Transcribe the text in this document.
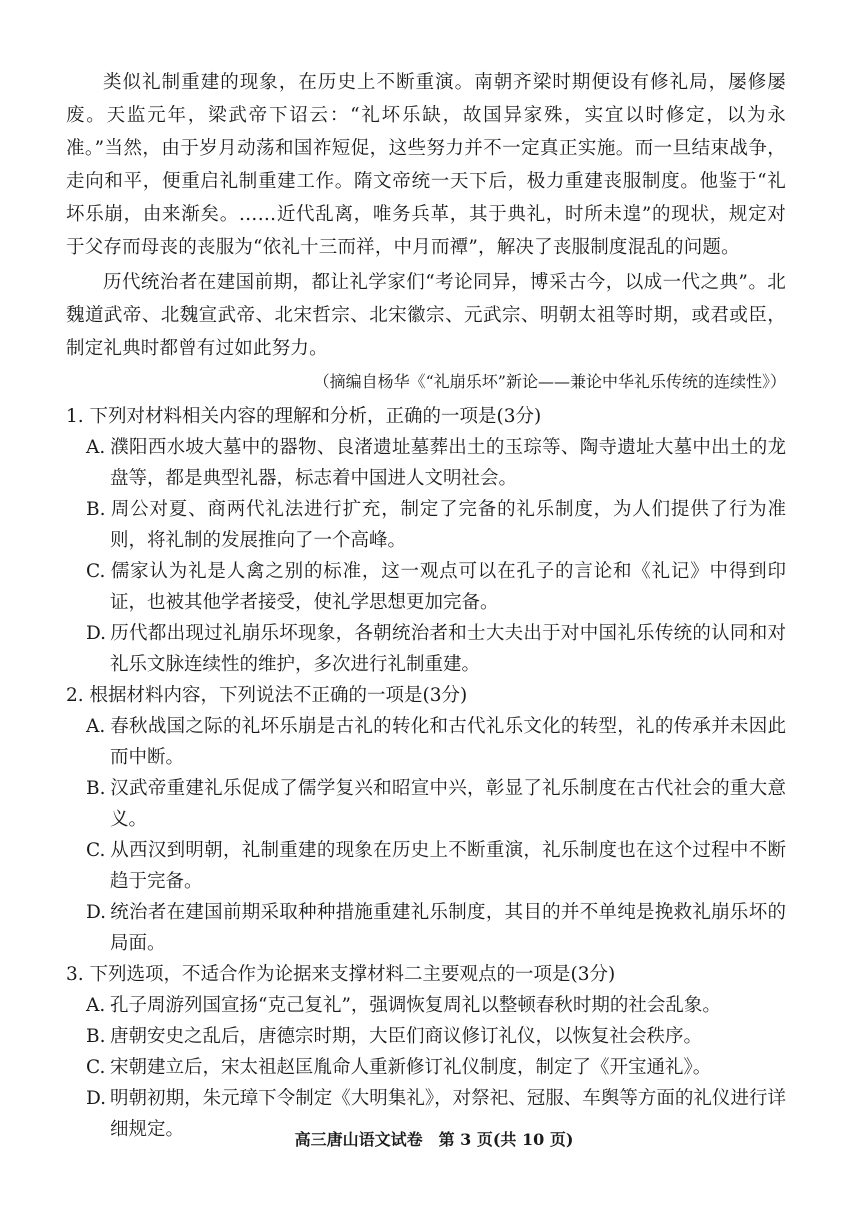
类似礼制重建的现象，在历史上不断重演。南朝齐梁时期便设有修礼局，屡修屡废。天监元年，梁武帝下诏云：“礼坏乐缺，故国异家殊，实宜以时修定，以为永准。”当然，由于岁月动荡和国祚短促，这些努力并不一定真正实施。而一旦结束战争，走向和平，便重启礼制重建工作。隋文帝统一天下后，极力重建丧服制度。他鉴于“礼坏乐崩，由来渐矣。……近代乱离，唯务兵革，其于典礼，时所未遑”的现状，规定对于父存而母丧的丧服为“依礼十三而祥，中月而禫”，解决了丧服制度混乱的问题。

历代统治者在建国前期，都让礼学家们“考论同异，博采古今，以成一代之典”。北魏道武帝、北魏宣武帝、北宋哲宗、北宋徽宗、元武宗、明朝太祖等时期，或君或臣，制定礼典时都曾有过如此努力。

（摘编自杨华《“礼崩乐坏”新论——兼论中华礼乐传统的连续性》）

1. 下列对材料相关内容的理解和分析，正确的一项是(3分)

A. 濮阳西水坡大墓中的器物、良渚遗址墓葬出土的玉琮等、陶寺遗址大墓中出土的龙盘等，都是典型礼器，标志着中国进人文明社会。

B. 周公对夏、商两代礼法进行扩充，制定了完备的礼乐制度，为人们提供了行为准则，将礼制的发展推向了一个高峰。

C. 儒家认为礼是人禽之别的标准，这一观点可以在孔子的言论和《礼记》中得到印证，也被其他学者接受，使礼学思想更加完备。

D. 历代都出现过礼崩乐坏现象，各朝统治者和士大夫出于对中国礼乐传统的认同和对礼乐文脉连续性的维护，多次进行礼制重建。

2. 根据材料内容，下列说法不正确的一项是(3分)

A. 春秋战国之际的礼坏乐崩是古礼的转化和古代礼乐文化的转型，礼的传承并未因此而中断。

B. 汉武帝重建礼乐促成了儒学复兴和昭宣中兴，彰显了礼乐制度在古代社会的重大意义。

C. 从西汉到明朝，礼制重建的现象在历史上不断重演，礼乐制度也在这个过程中不断趋于完备。

D. 统治者在建国前期采取种种措施重建礼乐制度，其目的并不单纯是挽救礼崩乐坏的局面。

3. 下列选项，不适合作为论据来支撑材料二主要观点的一项是(3分)

A. 孔子周游列国宣扬“克己复礼”，强调恢复周礼以整顿春秋时期的社会乱象。

B. 唐朝安史之乱后，唐德宗时期，大臣们商议修订礼仪，以恢复社会秩序。

C. 宋朝建立后，宋太祖赵匡胤命人重新修订礼仪制度，制定了《开宝通礼》。

D. 明朝初期，朱元璋下令制定《大明集礼》，对祭祀、冠服、车舆等方面的礼仪进行详细规定。	高三唐山语文试卷　第 3 页(共 10 页)
